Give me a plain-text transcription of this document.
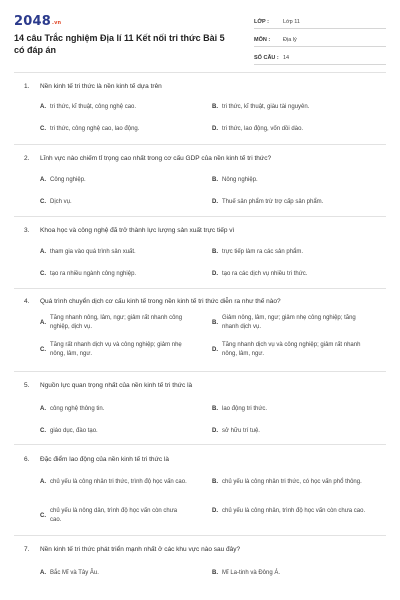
2048.vn
14 câu Trắc nghiệm Địa lí 11 Kết nối tri thức Bài 5 có đáp án
LỚP :	Lớp 11
MÔN :	Địa lý
SỐ CÂU : 14
1.	Nền kinh tế tri thức là nền kinh tế dựa trên
A. tri thức, kĩ thuật, công nghệ cao.	B. tri thức, kĩ thuật, giàu tài nguyên.
C. tri thức, công nghệ cao, lao động.	D. tri thức, lao động, vốn dồi dào.
2.	Lĩnh vực nào chiếm tỉ trọng cao nhất trong cơ cấu GDP của nền kinh tế tri thức?
A. Công nghiệp.	B. Nông nghiệp.
C. Dịch vụ.	D. Thuế sản phẩm trừ trợ cấp sản phẩm.
3.	Khoa học và công nghệ đã trở thành lực lượng sản xuất trực tiếp vì
A. tham gia vào quá trình sản xuất.	B. trực tiếp làm ra các sản phẩm.
C. tạo ra nhiều ngành công nghiệp.	D. tạo ra các dịch vụ nhiều tri thức.
4.	Quá trình chuyển dịch cơ cấu kinh tế trong nền kinh tế tri thức diễn ra như thế nào?
A.
Tăng nhanh nông, lâm, ngư; giảm rất nhanh công nghiệp, dịch vụ.
B.
Giảm nông, lâm, ngư; giảm nhẹ công nghiệp; tăng nhanh dịch vụ.
C.
Tăng rất nhanh dịch vụ và công nghiệp; giảm nhẹ nông, lâm, ngư.
D.
Tăng nhanh dịch vụ và công nghiệp; giảm rất nhanh nông, lâm, ngư.
5.	Nguồn lực quan trọng nhất của nền kinh tế tri thức là
A. công nghệ thông tin.	B. lao động tri thức.
C. giáo dục, đào tạo.	D. sở hữu trí tuệ.
6.	Đặc điểm lao động của nền kinh tế tri thức là
A. chủ yếu là công nhân tri thức, trình độ học vấn cao.	B. chủ yếu là công nhân tri thức, có học vấn phổ thông.
C.
chủ yếu là nông dân, trình độ học vấn còn chưa cao.
D. chủ yếu là công nhân, trình độ học vấn còn chưa cao.
7.	Nền kinh tế tri thức phát triển mạnh nhất ở các khu vực nào sau đây?
A. Bắc Mĩ và Tây Âu.	B. Mĩ La-tinh và Đông Á.
